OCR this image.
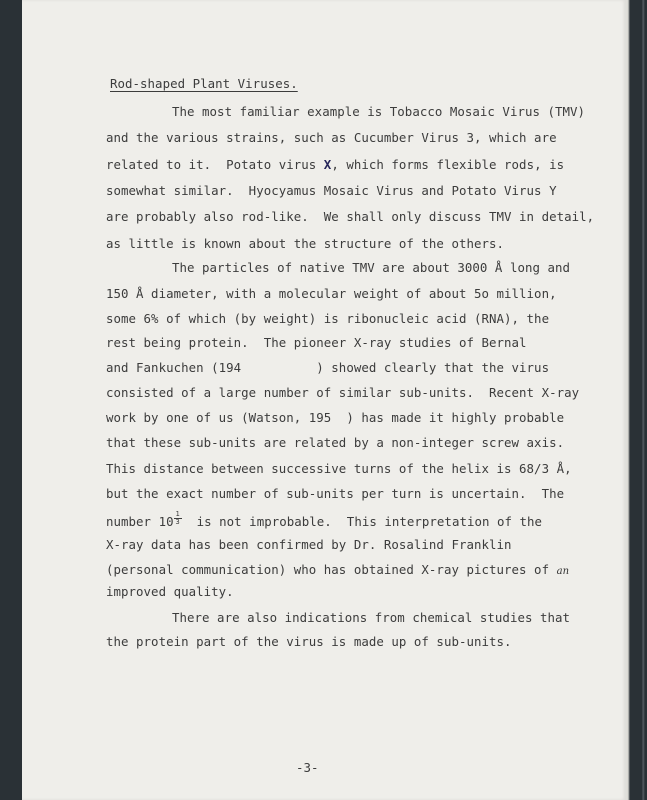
Rod-shaped Plant Viruses.
The most familiar example is Tobacco Mosaic Virus (TMV)
and the various strains, such as Cucumber Virus 3, which are
related to it.  Potato virus X, which forms flexible rods, is
somewhat similar.  Hyocyamus Mosaic Virus and Potato Virus Y
are probably also rod-like.  We shall only discuss TMV in detail,
as little is known about the structure of the others.
The particles of native TMV are about 3000 Å long and
150 Å diameter, with a molecular weight of about 5o million,
some 6% of which (by weight) is ribonucleic acid (RNA), the
rest being protein.  The pioneer X-ray studies of Bernal
and Fankuchen (194          ) showed clearly that the virus
consisted of a large number of similar sub-units.  Recent X-ray
work by one of us (Watson, 195  ) has made it highly probable
that these sub-units are related by a non-integer screw axis.
This distance between successive turns of the helix is 68/3 Å,
but the exact number of sub-units per turn is uncertain.  The
number $10 \frac{1}{3}$ is not improbable.  This interpretation of the
X-ray data has been confirmed by Dr. Rosalind Franklin
(personal communication) who has obtained X-ray pictures of an
improved quality.
There are also indications from chemical studies that
the protein part of the virus is made up of sub-units.
-3-
